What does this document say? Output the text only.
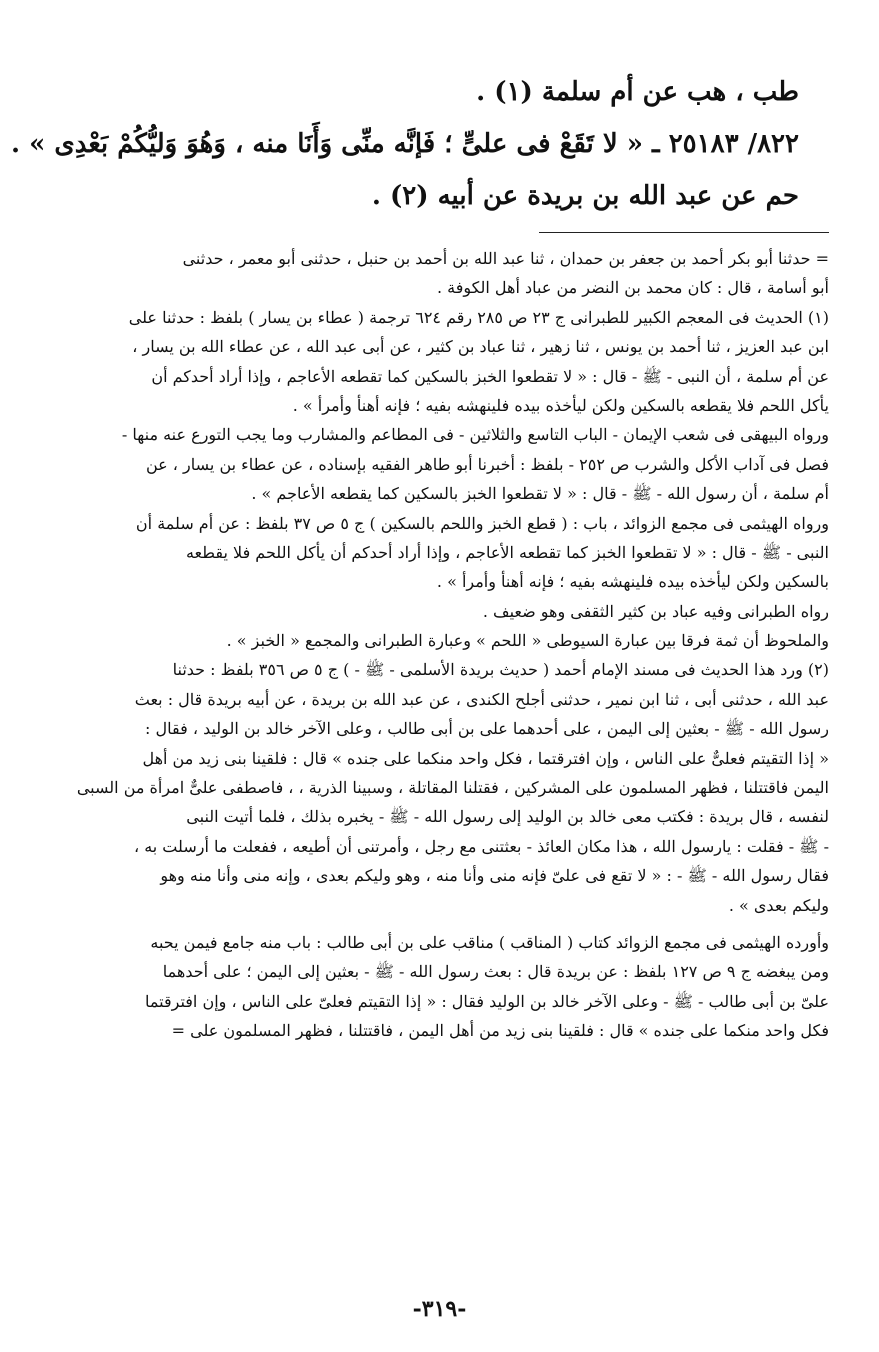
طب ، هب عن أم سلمة (١) .
٨٢٢/ ٢٥١٨٣ ـ « لا تَقَعْ فى علىٍّ ؛ فَإنَّه منِّى وَأَنَا منه ، وَهُوَ وَليُّكُمْ بَعْدِى » .
حم عن عبد الله بن بريدة عن أبيه (٢) .
= حدثنا أبو بكر أحمد بن جعفر بن حمدان ، ثنا عبد الله بن أحمد بن حنبل ، حدثنى أبو معمر ، حدثنى
أبو أسامة ، قال : كان محمد بن النضر من عباد أهل الكوفة .
(١) الحديث فى المعجم الكبير للطبرانى ج ٢٣ ص ٢٨٥ رقم ٦٢٤ ترجمة ( عطاء بن يسار ) بلفظ : حدثنا على
ابن عبد العزيز ، ثنا أحمد بن يونس ، ثنا زهير ، ثنا عباد بن كثير ، عن أبى عبد الله ، عن عطاء الله بن يسار ،
عن أم سلمة ، أن النبى - ﷺ - قال : « لا تقطعوا الخبز بالسكين كما تقطعه الأعاجم ، وإذا أراد أحدكم أن
يأكل اللحم فلا يقطعه بالسكين ولكن ليأخذه بيده فلينهشه بفيه ؛ فإنه أهنأ وأمرأ » .
ورواه البيهقى فى شعب الإيمان - الباب التاسع والثلاثين - فى المطاعم والمشارب وما يجب التورع عنه منها -
فصل فى آداب الأكل والشرب ص ٢٥٢ - بلفظ : أخبرنا أبو طاهر الفقيه بإسناده ، عن عطاء بن يسار ، عن
أم سلمة ، أن رسول الله - ﷺ - قال : « لا تقطعوا الخبز بالسكين كما يقطعه الأعاجم » .
ورواه الهيثمى فى مجمع الزوائد ، باب : ( قطع الخبز واللحم بالسكين ) ج ٥ ص ٣٧ بلفظ : عن أم سلمة أن
النبى - ﷺ - قال : « لا تقطعوا الخبز كما تقطعه الأعاجم ، وإذا أراد أحدكم أن يأكل اللحم فلا يقطعه
بالسكين ولكن ليأخذه بيده فلينهشه بفيه ؛ فإنه أهنأ وأمرأ » .
رواه الطبرانى وفيه عباد بن كثير الثقفى وهو ضعيف .
والملحوظ أن ثمة فرقا بين عبارة السيوطى « اللحم » وعبارة الطبرانى والمجمع « الخبز » .
(٢) ورد هذا الحديث فى مسند الإمام أحمد ( حديث بريدة الأسلمى - ﷺ - ) ج ٥ ص ٣٥٦ بلفظ : حدثنا
عبد الله ، حدثنى أبى ، ثنا ابن نمير ، حدثنى أجلح الكندى ، عن عبد الله بن بريدة ، عن أبيه بريدة قال : بعث
رسول الله - ﷺ - بعثين إلى اليمن ، على أحدهما على بن أبى طالب ، وعلى الآخر خالد بن الوليد ، فقال :
« إذا التقيتم فعلىٌّ على الناس ، وإن افترقتما ، فكل واحد منكما على جنده » قال : فلقينا بنى زيد من أهل
اليمن فاقتتلنا ، فظهر المسلمون على المشركين ، فقتلنا المقاتلة ، وسبينا الذرية ، ، فاصطفى علىٌّ امرأة من السبى
لنفسه ، قال بريدة : فكتب معى خالد بن الوليد إلى رسول الله - ﷺ - يخبره بذلك ، فلما أتيت النبى
- ﷺ - فقلت : يارسول الله ، هذا مكان العائذ - بعثتنى مع رجل ، وأمرتنى أن أطيعه ، ففعلت ما أرسلت به ،
فقال رسول الله - ﷺ - : « لا تقع فى علىّ فإنه منى وأنا منه ، وهو وليكم بعدى ، وإنه منى وأنا منه وهو
وليكم بعدى » .
وأورده الهيثمى فى مجمع الزوائد كتاب ( المناقب ) مناقب على بن أبى طالب : باب منه جامع فيمن يحبه
ومن يبغضه ج ٩ ص ١٢٧ بلفظ : عن بريدة قال : بعث رسول الله - ﷺ - بعثين إلى اليمن ؛ على أحدهما
علىّ بن أبى طالب - ﷺ - وعلى الآخر خالد بن الوليد فقال : « إذا التقيتم فعلىّ على الناس ، وإن افترقتما
فكل واحد منكما على جنده » قال : فلقينا بنى زيد من أهل اليمن ، فاقتتلنا ، فظهر المسلمون على =
-٣١٩-
